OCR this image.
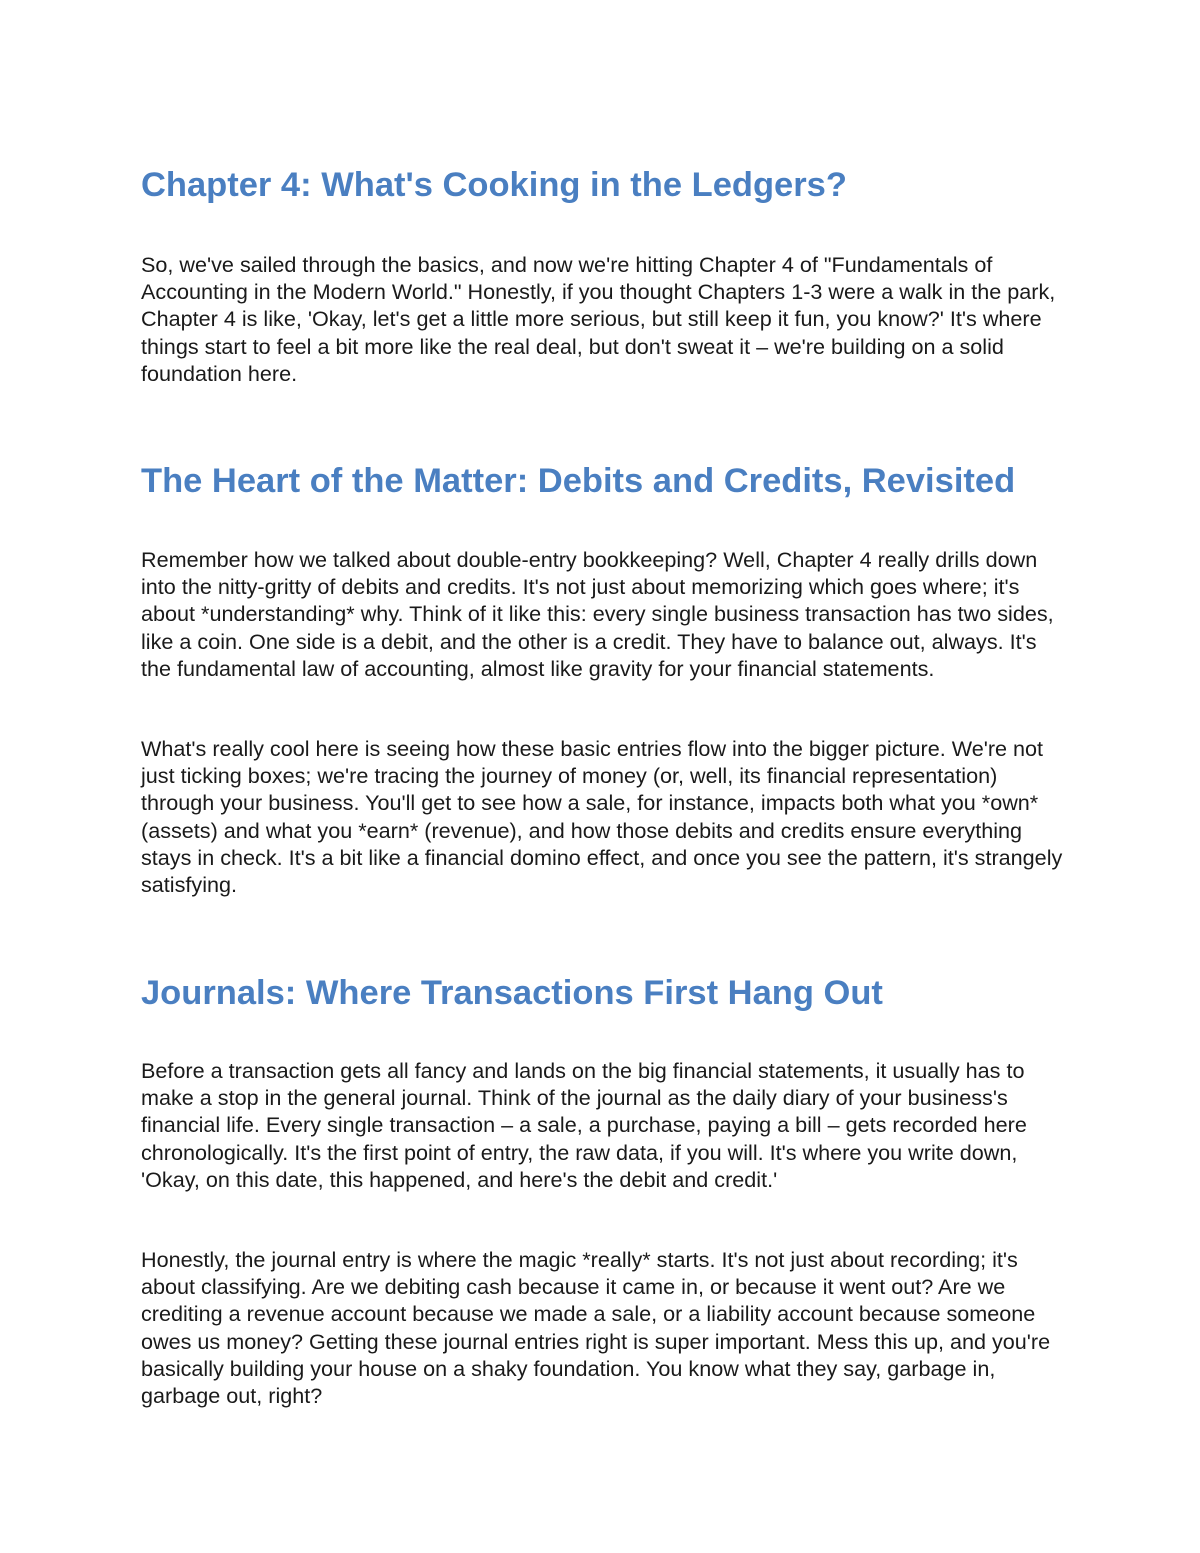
Chapter 4: What's Cooking in the Ledgers?

So, we've sailed through the basics, and now we're hitting Chapter 4 of "Fundamentals of Accounting in the Modern World." Honestly, if you thought Chapters 1-3 were a walk in the park, Chapter 4 is like, 'Okay, let's get a little more serious, but still keep it fun, you know?' It's where things start to feel a bit more like the real deal, but don't sweat it – we're building on a solid foundation here.

The Heart of the Matter: Debits and Credits, Revisited

Remember how we talked about double-entry bookkeeping? Well, Chapter 4 really drills down into the nitty-gritty of debits and credits. It's not just about memorizing which goes where; it's about *understanding* why. Think of it like this: every single business transaction has two sides, like a coin. One side is a debit, and the other is a credit. They have to balance out, always. It's the fundamental law of accounting, almost like gravity for your financial statements.

What's really cool here is seeing how these basic entries flow into the bigger picture. We're not just ticking boxes; we're tracing the journey of money (or, well, its financial representation) through your business. You'll get to see how a sale, for instance, impacts both what you *own* (assets) and what you *earn* (revenue), and how those debits and credits ensure everything stays in check. It's a bit like a financial domino effect, and once you see the pattern, it's strangely satisfying.

Journals: Where Transactions First Hang Out

Before a transaction gets all fancy and lands on the big financial statements, it usually has to make a stop in the general journal. Think of the journal as the daily diary of your business's financial life. Every single transaction – a sale, a purchase, paying a bill – gets recorded here chronologically. It's the first point of entry, the raw data, if you will. It's where you write down, 'Okay, on this date, this happened, and here's the debit and credit.'

Honestly, the journal entry is where the magic *really* starts. It's not just about recording; it's about classifying. Are we debiting cash because it came in, or because it went out? Are we crediting a revenue account because we made a sale, or a liability account because someone owes us money? Getting these journal entries right is super important. Mess this up, and you're basically building your house on a shaky foundation. You know what they say, garbage in, garbage out, right?
